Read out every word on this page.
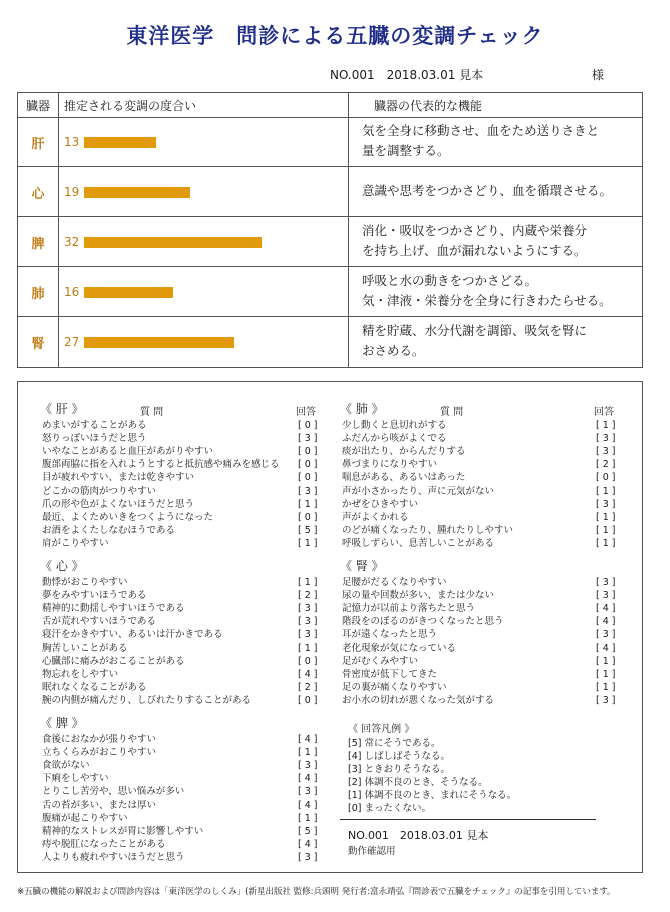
東洋医学　問診による五臓の変調チェック
NO.001　2018.03.01 見本	様
臓器 推定される変調の度合い	臓器の代表的な機能
肝	13
気を全身に移動させ、血をため送りさきと
量を調整する。
心	19	意識や思考をつかさどり、血を循環させる。
脾	32
消化・吸収をつかさどり、内蔵や栄養分
を持ち上げ、血が漏れないようにする。
肺	16
呼吸と水の動きをつかさどる。
気・津液・栄養分を全身に行きわたらせる。
腎	27
精を貯蔵、水分代謝を調節、吸気を腎に
おさめる。
《 肝 》	質 問	回答
めまいがすることがある	[ 0 ]
怒りっぽいほうだと思う	[ 3 ]
いやなことがあると血圧があがりやすい	[ 0 ]
腹部両脇に指を入れようとすると抵抗感や痛みを感じる [ 0 ]
目が疲れやすい、または乾きやすい	[ 0 ]
どこかの筋肉がつりやすい	[ 3 ]
爪の形や色がよくないほうだと思う	[ 1 ]
最近、よくためいきをつくようになった	[ 0 ]
お酒をよくたしなむほうである	[ 5 ]
肩がこりやすい	[ 1 ]
《 心 》
動悸がおこりやすい	[ 1 ]
夢をみやすいほうである	[ 2 ]
精神的に動揺しやすいほうである	[ 3 ]
舌が荒れやすいほうである	[ 3 ]
寝汗をかきやすい、あるいは汗かきである	[ 3 ]
胸苦しいことがある	[ 1 ]
心臓部に痛みがおこることがある	[ 0 ]
物忘れをしやすい	[ 4 ]
眠れなくなることがある	[ 2 ]
腕の内側が痛んだり、しびれたりすることがある	[ 0 ]
《 脾 》
食後におなかが張りやすい	[ 4 ]
立ちくらみがおこりやすい	[ 1 ]
食欲がない	[ 3 ]
下痢をしやすい	[ 4 ]
とりこし苦労や、思い悩みが多い	[ 3 ]
舌の苔が多い、または厚い	[ 4 ]
腹痛が起こりやすい	[ 1 ]
精神的なストレスが胃に影響しやすい	[ 5 ]
痔や脱肛になったことがある	[ 4 ]
人よりも疲れやすいほうだと思う	[ 3 ]
《 肺 》	質 問	回答
少し動くと息切れがする	[ 1 ]
ふだんから咳がよくでる	[ 3 ]
痰が出たり、からんだりする	[ 3 ]
鼻づまりになりやすい	[ 2 ]
喘息がある、あるいはあった	[ 0 ]
声が小さかったり、声に元気がない	[ 1 ]
かぜをひきやすい	[ 3 ]
声がよくかれる	[ 1 ]
のどが痛くなったり、腫れたりしやすい	[ 1 ]
呼吸しずらい、息苦しいことがある	[ 1 ]
《 腎 》
足腰がだるくなりやすい	[ 3 ]
尿の量や回数が多い、または少ない	[ 3 ]
記憶力が以前より落ちたと思う	[ 4 ]
階段をのぼるのがきつくなったと思う	[ 4 ]
耳が遠くなったと思う	[ 3 ]
老化現象が気になっている	[ 4 ]
足がむくみやすい	[ 1 ]
骨密度が低下してきた	[ 1 ]
足の裏が痛くなりやすい	[ 1 ]
お小水の切れが悪くなった気がする	[ 3 ]
《 回答凡例 》
[5] 常にそうである。
[4] しばしばそうなる。
[3] ときおりそうなる。
[2] 体調不良のとき、そうなる。
[1] 体調不良のとき、まれにそうなる。
[0] まったくない。
NO.001　2018.03.01 見本
動作確認用
※五臓の機能の解説および問診内容は「東洋医学のしくみ」(新星出版社 監修:兵頭明 発行者:富永靖弘『問診表で五臓をチェック』の記事を引用しています。
